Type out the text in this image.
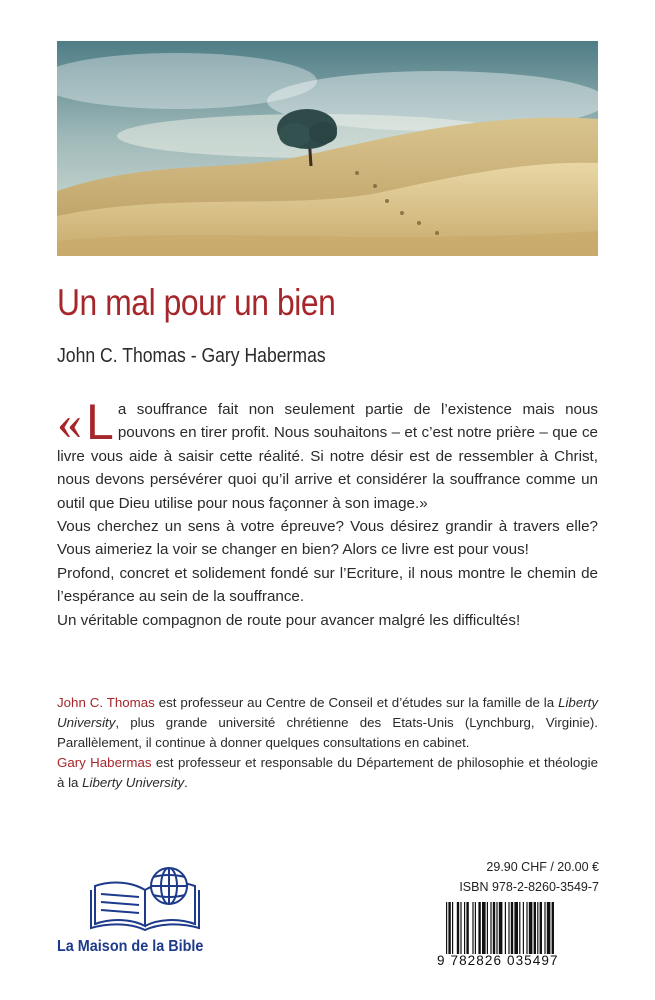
Un mal pour un bien
John C. Thomas - Gary Habermas

« L a souffrance fait non seulement partie de l’existence mais nous pouvons en tirer profit. Nous souhaitons – et c’est notre prière – que ce livre vous aide à saisir cette réalité. Si notre désir est de ressembler à Christ, nous devons persévérer quoi qu’il arrive et considérer la souffrance comme un outil que Dieu utilise pour nous façonner à son image.»

Vous cherchez un sens à votre épreuve? Vous désirez grandir à travers elle? Vous aimeriez la voir se changer en bien? Alors ce livre est pour vous!

Profond, concret et solidement fondé sur l’Ecriture, il nous montre le chemin de l’espérance au sein de la souffrance.

Un véritable compagnon de route pour avancer malgré les difficultés!

John C. Thomas est professeur au Centre de Conseil et d’études sur la famille de la Liberty University, plus grande université chrétienne des Etats-Unis (Lynchburg, Virginie). Parallèlement, il continue à donner quelques consultations en cabinet.

Gary Habermas est professeur et responsable du Département de philosophie et théologie à la Liberty University.

La Maison de la Bible
29.90 CHF / 20.00 €
ISBN 978-2-8260-3549-7
9 782826 035497
